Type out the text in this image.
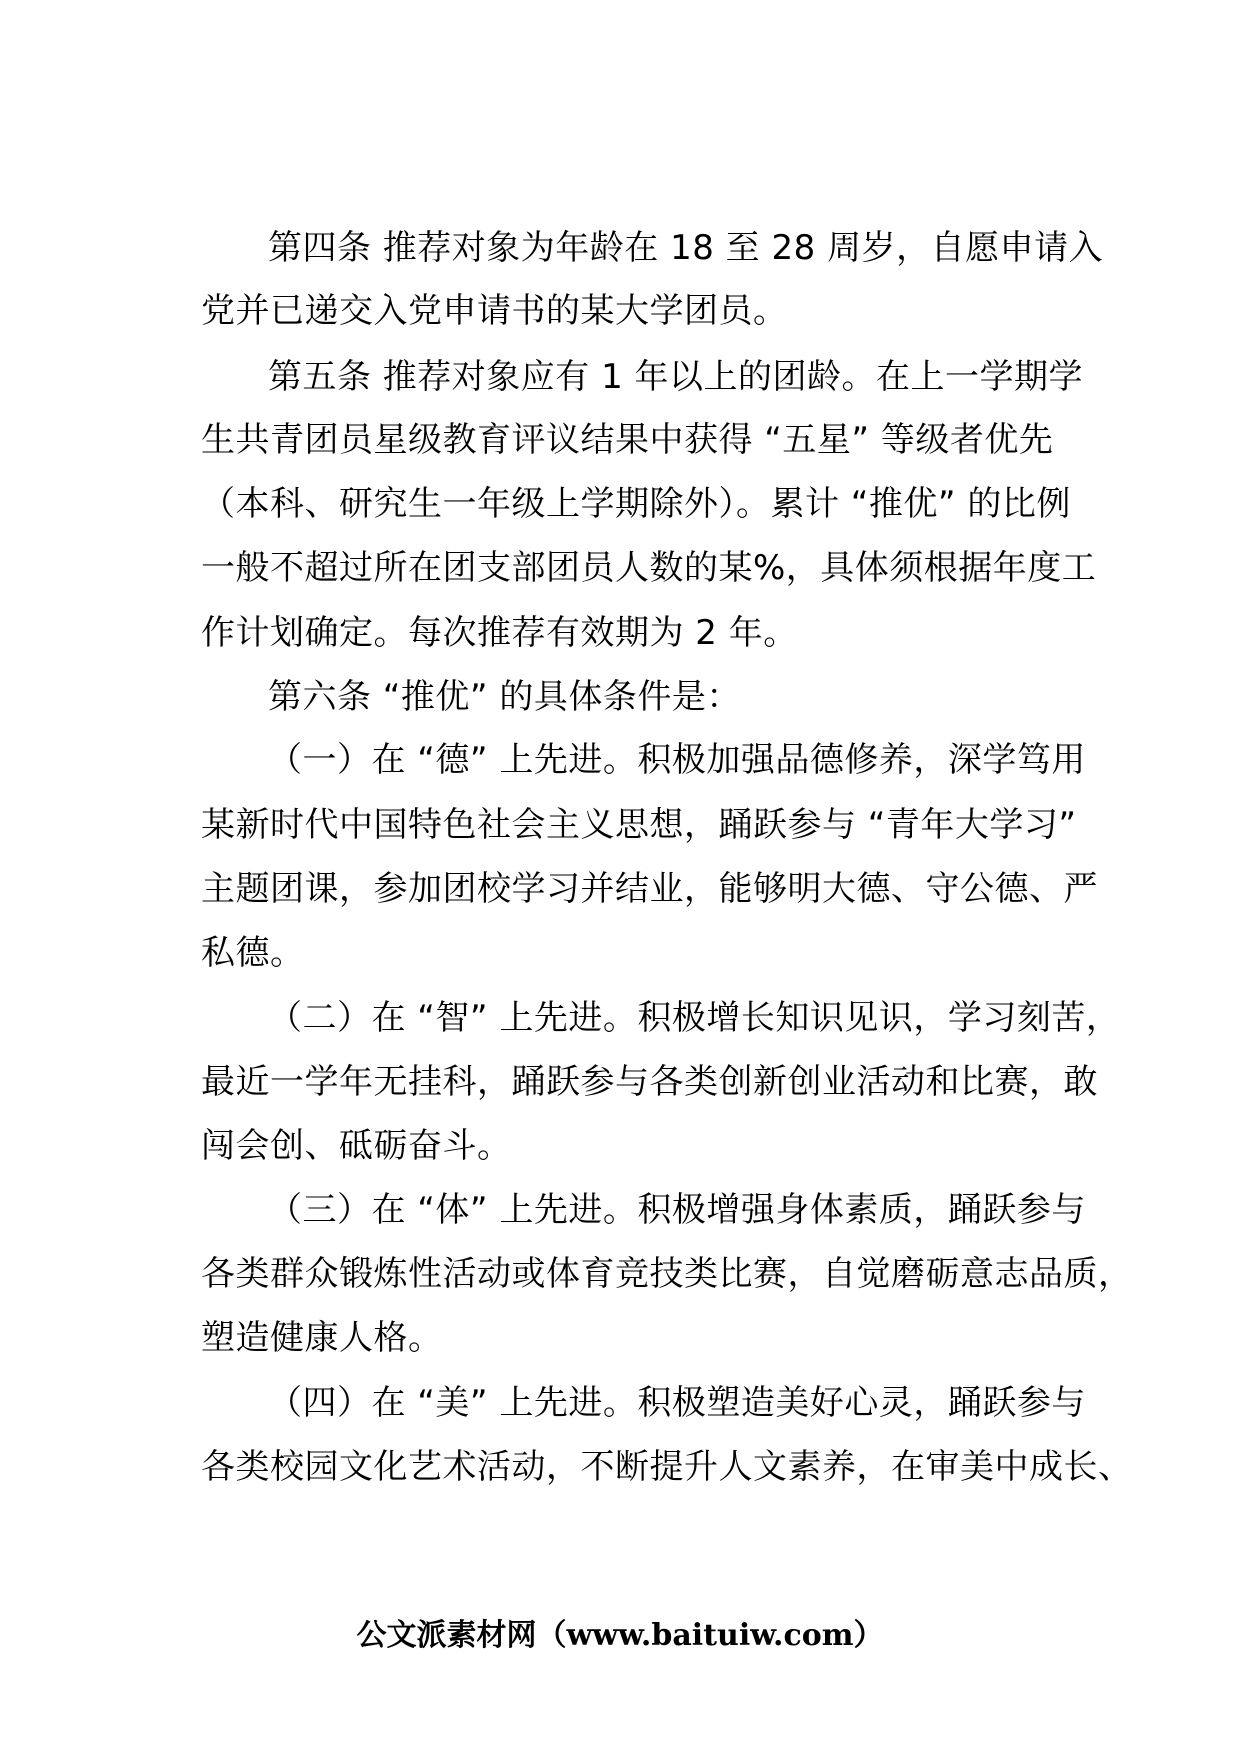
第四条 推荐对象为年龄在 18 至 28 周岁，自愿申请入

党并已递交入党申请书的某大学团员。

第五条 推荐对象应有 1 年以上的团龄。在上一学期学

生共青团员星级教育评议结果中获得 “五星” 等级者优先

（本科、研究生一年级上学期除外）。累计 “推优” 的比例

一般不超过所在团支部团员人数的某%，具体须根据年度工

作计划确定。每次推荐有效期为 2 年。

第六条 “推优” 的具体条件是：

（一）在 “德” 上先进。积极加强品德修养，深学笃用

某新时代中国特色社会主义思想，踊跃参与 “青年大学习”

主题团课，参加团校学习并结业，能够明大德、守公德、严

私德。

（二）在 “智” 上先进。积极增长知识见识，学习刻苦，

最近一学年无挂科，踊跃参与各类创新创业活动和比赛，敢

闯会创、砥砺奋斗。

（三）在 “体” 上先进。积极增强身体素质，踊跃参与

各类群众锻炼性活动或体育竞技类比赛，自觉磨砺意志品质，

塑造健康人格。

（四）在 “美” 上先进。积极塑造美好心灵，踊跃参与

各类校园文化艺术活动，不断提升人文素养，在审美中成长、

公文派素材网（www.baituiw.com）
